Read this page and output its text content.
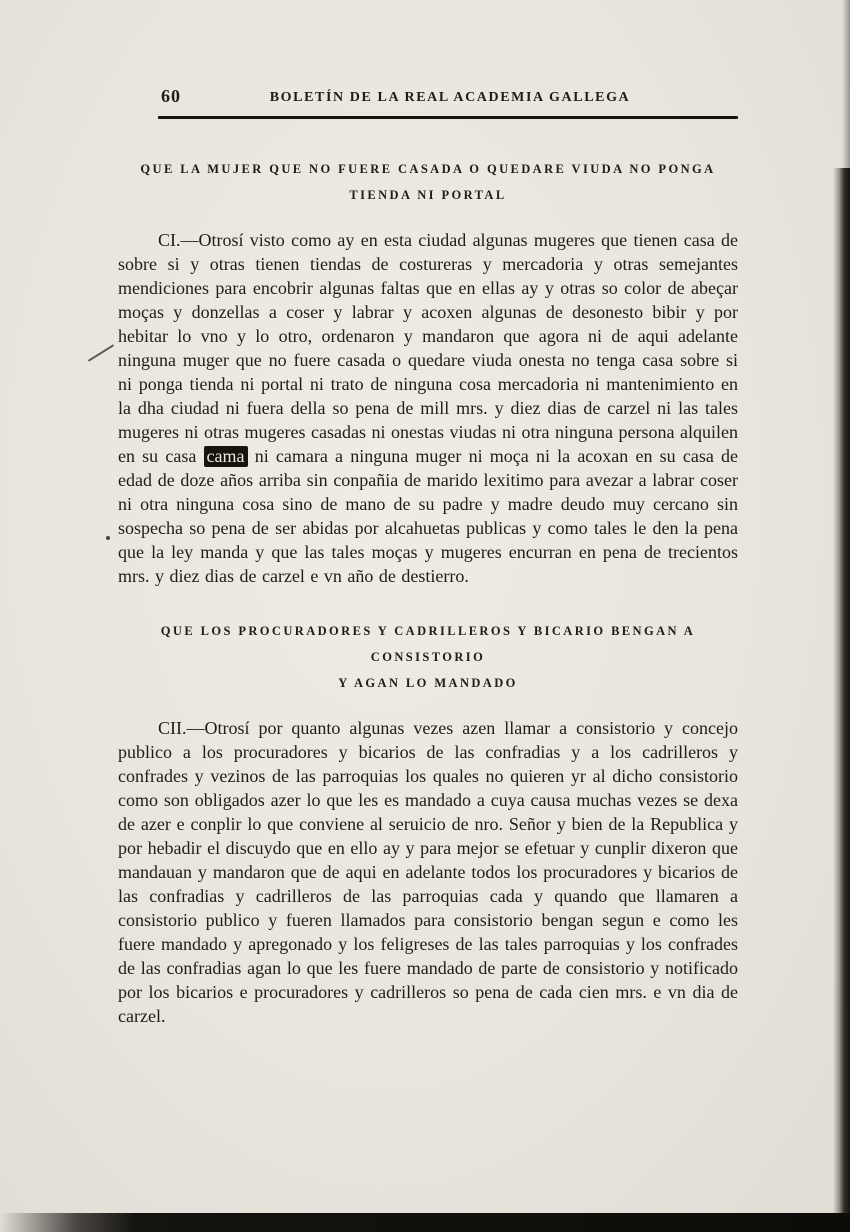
60	BOLETÍN DE LA REAL ACADEMIA GALLEGA
QUE LA MUJER QUE NO FUERE CASADA O QUEDARE VIUDA NO PONGA
TIENDA NI PORTAL

CI.—Otrosí visto como ay en esta ciudad algunas mugeres que tienen casa de sobre si y otras tienen tiendas de costureras y mercadoria y otras semejantes mendiciones para encobrir algunas faltas que en ellas ay y otras so color de abeçar moças y donzellas a coser y labrar y acoxen algunas de desonesto bibir y por hebitar lo vno y lo otro, ordenaron y mandaron que agora ni de aqui adelante ninguna muger que no fuere casada o quedare viuda onesta no tenga casa sobre si ni ponga tienda ni portal ni trato de ninguna cosa mercadoria ni mantenimiento en la dha ciudad ni fuera della so pena de mill mrs. y diez dias de carzel ni las tales mugeres ni otras mugeres casadas ni onestas viudas ni otra ninguna persona alquilen en su casa cama ni camara a ninguna muger ni moça ni la acoxan en su casa de edad de doze años arriba sin conpañia de marido lexitimo para avezar a labrar coser ni otra ninguna cosa sino de mano de su padre y madre deudo muy cercano sin sospecha so pena de ser abidas por alcahuetas publicas y como tales le den la pena que la ley manda y que las tales moças y mugeres encurran en pena de trecientos mrs. y diez dias de carzel e vn año de destierro.

QUE LOS PROCURADORES Y CADRILLEROS Y BICARIO BENGAN A CONSISTORIO
Y AGAN LO MANDADO

CII.—Otrosí por quanto algunas vezes azen llamar a consistorio y concejo publico a los procuradores y bicarios de las confradias y a los cadrilleros y confrades y vezinos de las parroquias los quales no quieren yr al dicho consistorio como son obligados azer lo que les es mandado a cuya causa muchas vezes se dexa de azer e conplir lo que conviene al seruicio de nro. Señor y bien de la Republica y por hebadir el discuydo que en ello ay y para mejor se efetuar y cunplir dixeron que mandauan y mandaron que de aqui en adelante todos los procuradores y bicarios de las confradias y cadrilleros de las parroquias cada y quando que llamaren a consistorio publico y fueren llamados para consistorio bengan segun e como les fuere mandado y apregonado y los feligreses de las tales parroquias y los confrades de las confradias agan lo que les fuere mandado de parte de consistorio y notificado por los bicarios e procuradores y cadrilleros so pena de cada cien mrs. e vn dia de carzel.
